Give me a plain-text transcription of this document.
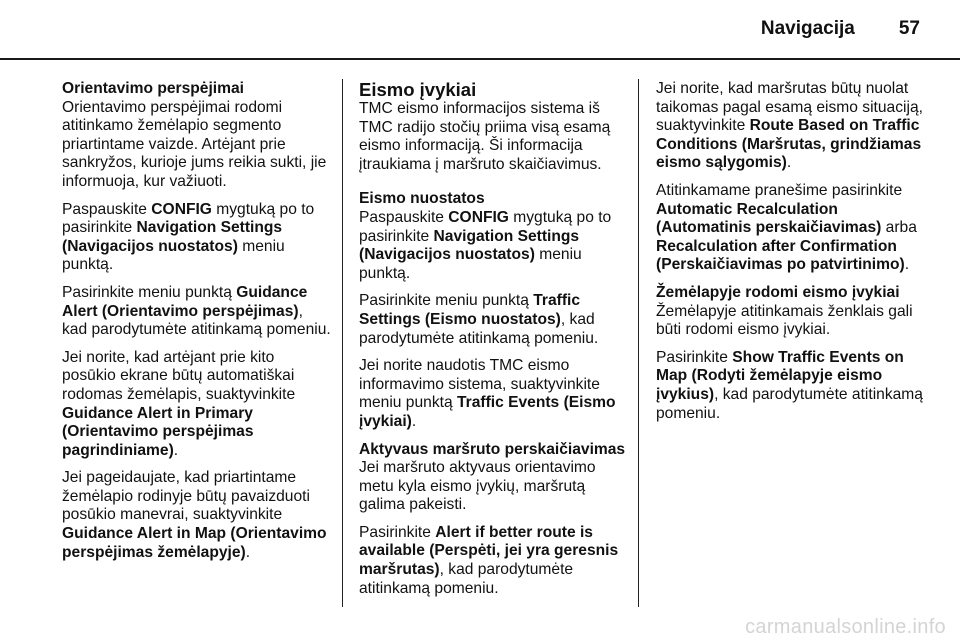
Navigacija 57
Orientavimo perspėjimai

Orientavimo perspėjimai rodomi atitinkamo žemėlapio segmento priartintame vaizde. Artėjant prie sankryžos, kurioje jums reikia sukti, jie informuoja, kur važiuoti.

Paspauskite CONFIG mygtuką po to pasirinkite Navigation Settings (Navigacijos nuostatos) meniu punktą.

Pasirinkite meniu punktą Guidance Alert (Orientavimo perspėjimas), kad parodytumėte atitinkamą pomeniu.

Jei norite, kad artėjant prie kito posūkio ekrane būtų automatiškai rodomas žemėlapis, suaktyvinkite Guidance Alert in Primary (Orientavimo perspėjimas pagrindiniame).

Jei pageidaujate, kad priartintame žemėlapio rodinyje būtų pavaizduoti posūkio manevrai, suaktyvinkite Guidance Alert in Map (Orientavimo perspėjimas žemėlapyje).

Eismo įvykiai

TMC eismo informacijos sistema iš TMC radijo stočių priima visą esamą eismo informaciją. Ši informacija įtraukiama į maršruto skaičiavimus.

Eismo nuostatos

Paspauskite CONFIG mygtuką po to pasirinkite Navigation Settings (Navigacijos nuostatos) meniu punktą.

Pasirinkite meniu punktą Traffic Settings (Eismo nuostatos), kad parodytumėte atitinkamą pomeniu.

Jei norite naudotis TMC eismo informavimo sistema, suaktyvinkite meniu punktą Traffic Events (Eismo įvykiai).

Aktyvaus maršruto perskaičiavimas

Jei maršruto aktyvaus orientavimo metu kyla eismo įvykių, maršrutą galima pakeisti.

Pasirinkite Alert if better route is available (Perspėti, jei yra geresnis maršrutas), kad parodytumėte atitinkamą pomeniu.

Jei norite, kad maršrutas būtų nuolat taikomas pagal esamą eismo situaciją, suaktyvinkite Route Based on Traffic Conditions (Maršrutas, grindžiamas eismo sąlygomis).

Atitinkamame pranešime pasirinkite Automatic Recalculation (Automatinis perskaičiavimas) arba Recalculation after Confirmation (Perskaičiavimas po patvirtinimo).

Žemėlapyje rodomi eismo įvykiai

Žemėlapyje atitinkamais ženklais gali būti rodomi eismo įvykiai.

Pasirinkite Show Traffic Events on Map (Rodyti žemėlapyje eismo įvykius), kad parodytumėte atitinkamą pomeniu.

carmanualsonline.info
